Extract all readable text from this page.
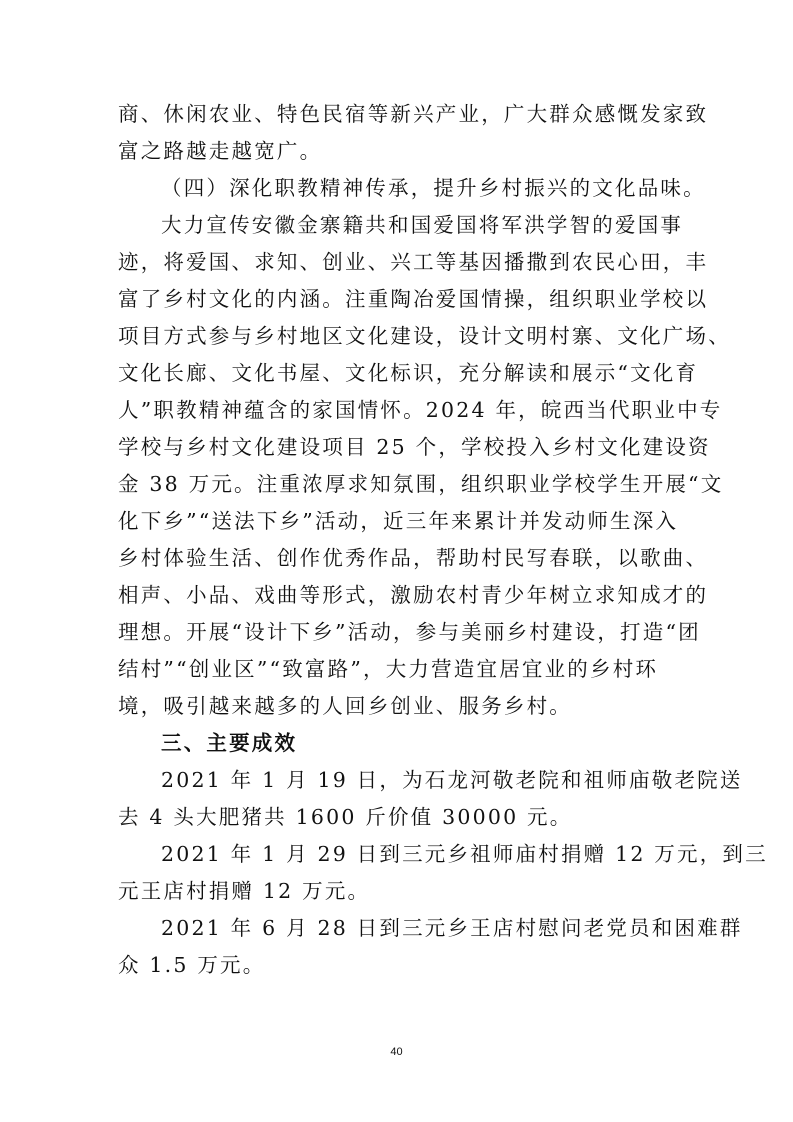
商、休闲农业、特色民宿等新兴产业，广大群众感慨发家致
富之路越走越宽广。
（四）深化职教精神传承，提升乡村振兴的文化品味。
大力宣传安徽金寨籍共和国爱国将军洪学智的爱国事
迹，将爱国、求知、创业、兴工等基因播撒到农民心田，丰
富了乡村文化的内涵。注重陶冶爱国情操，组织职业学校以
项目方式参与乡村地区文化建设，设计文明村寨、文化广场、
文化长廊、文化书屋、文化标识，充分解读和展示“文化育
人”职教精神蕴含的家国情怀。2024 年，皖西当代职业中专
学校与乡村文化建设项目 25 个，学校投入乡村文化建设资
金 38 万元。注重浓厚求知氛围，组织职业学校学生开展“文
化下乡”“送法下乡”活动，近三年来累计并发动师生深入
乡村体验生活、创作优秀作品，帮助村民写春联，以歌曲、
相声、小品、戏曲等形式，激励农村青少年树立求知成才的
理想。开展“设计下乡”活动，参与美丽乡村建设，打造“团
结村”“创业区”“致富路”，大力营造宜居宜业的乡村环
境，吸引越来越多的人回乡创业、服务乡村。
三、主要成效
2021 年 1 月 19 日，为石龙河敬老院和祖师庙敬老院送
去 4 头大肥猪共 1600 斤价值 30000 元。
2021 年 1 月 29 日到三元乡祖师庙村捐赠 12 万元，到三
元王店村捐赠 12 万元。
2021 年 6 月 28 日到三元乡王店村慰问老党员和困难群
众 1.5 万元。
40
